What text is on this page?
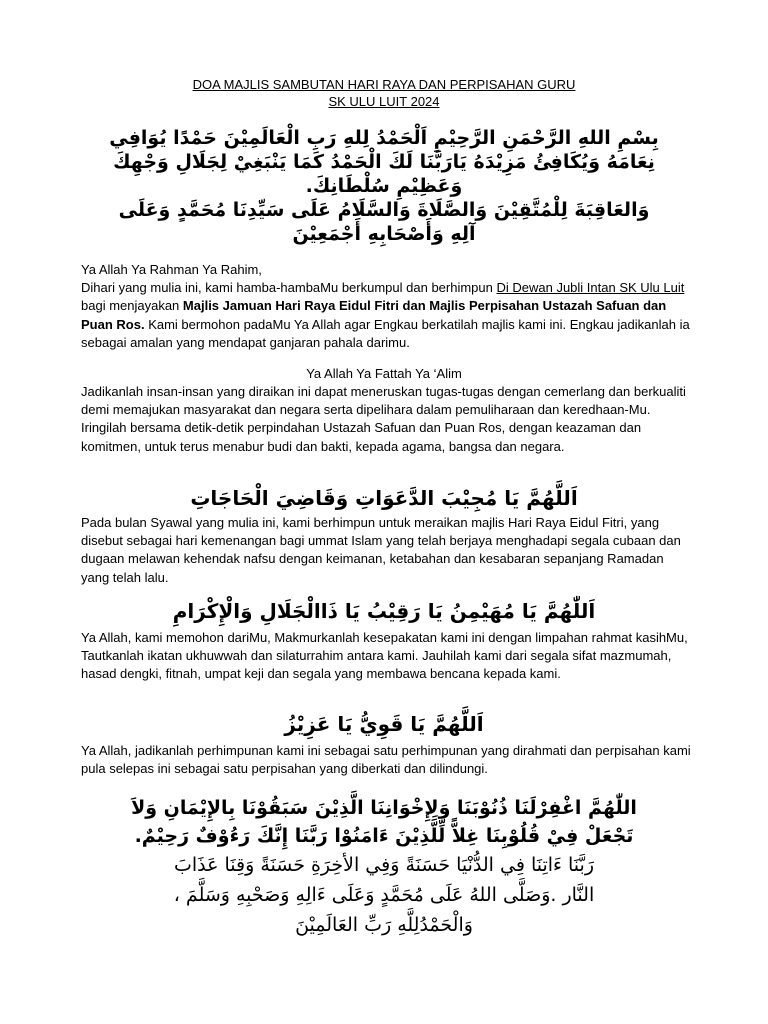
DOA MAJLIS SAMBUTAN HARI RAYA DAN PERPISAHAN GURU
SK ULU LUIT 2024
بِسْمِ اللهِ الرَّحْمَنِ الرَّحِيْمِ اَلْحَمْدُ لِلهِ رَبِ الْعَالَمِيْنَ حَمْدًا يُوَافِي
نِعَامَهُ وَيُكَافِئُ مَزِيْدَهُ يَارَبَّنَا لَكَ الْحَمْدُ كَمَا يَنْبَغِيْ لِجَلَالِ وَجْهِكَ
وَعَظِيْمِ سُلْطَانِكَ.
وَالعَاقِبَةَ لِلْمُتَّقِيْنَ وَالصَّلَاةَ وَالسَّلَامُ عَلَى سَيِّدِنَا مُحَمَّدٍ وَعَلَى
آلِهِ وَأَصْحَابِهِ أَجْمَعِيْنَ
Ya Allah Ya Rahman Ya Rahim,
Dihari yang mulia ini, kami hamba-hambaMu berkumpul dan berhimpun Di Dewan Jubli Intan SK Ulu Luit bagi menjayakan Majlis Jamuan Hari Raya Eidul Fitri dan Majlis Perpisahan Ustazah Safuan dan Puan Ros. Kami bermohon padaMu Ya Allah agar Engkau berkatilah majlis kami ini. Engkau jadikanlah ia sebagai amalan yang mendapat ganjaran pahala darimu.
Ya Allah Ya Fattah Ya ‘Alim
Jadikanlah insan-insan yang diraikan ini dapat meneruskan tugas-tugas dengan cemerlang dan berkualiti demi memajukan masyarakat dan negara serta dipelihara dalam pemuliharaan dan keredhaan-Mu. Iringilah bersama detik-detik perpindahan Ustazah Safuan dan Puan Ros, dengan keazaman dan komitmen, untuk terus menabur budi dan bakti, kepada agama, bangsa dan negara.
اَللَّهُمَّ يَا مُجِيْبَ الدَّعَوَاتِ وَقَاضِيَ الْحَاجَاتِ
Pada bulan Syawal yang mulia ini, kami berhimpun untuk meraikan majlis Hari Raya Eidul Fitri, yang disebut sebagai hari kemenangan bagi ummat Islam yang telah berjaya menghadapi segala cubaan dan dugaan melawan kehendak nafsu dengan keimanan, ketabahan dan kesabaran sepanjang Ramadan yang telah lalu.
اَللّٰهُمَّ يَا مُهَيْمِنُ يَا رَقِيْبُ يَا ذَاالْجَلَالِ وَالْإِكْرَامِ
Ya Allah, kami memohon dariMu, Makmurkanlah kesepakatan kami ini dengan limpahan rahmat kasihMu, Tautkanlah ikatan ukhuwwah dan silaturrahim antara kami. Jauhilah kami dari segala sifat mazmumah, hasad dengki, fitnah, umpat keji dan segala yang membawa bencana kepada kami.
اَللَّهُمَّ يَا قَوِيُّ يَا عَزِيْزُ
Ya Allah, jadikanlah perhimpunan kami ini sebagai satu perhimpunan yang dirahmati dan perpisahan kami pula selepas ini sebagai satu perpisahan yang diberkati dan dilindungi.
اللّٰهُمَّ اغْفِرْلَنَا ذُنُوْبَنَا وَلِإِخْوَانِنَا الَّذِيْنَ سَبَقُوْنَا بِالإِيْمَانِ وَلاَ
تَجْعَلْ فِيْ قُلُوْبِنَا غِلاًّ لِّلَّذِيْنَ ءَامَنُوْا رَبَّنَا إِنَّكَ رَءُوْفٌ رَحِيْمٌ.
رَبَّنَا ءَاتِنَا فِي الدُّنْيَا حَسَنَةً وَفِي الأخِرَةِ حَسَنَةً وَقِنَا عَذَابَ
النَّار .وَصَلَّى اللهُ عَلَى مُحَمَّدٍ وَعَلَى ءَالِهِ وَصَحْبِهِ وَسَلَّمَ ،
وَالْحَمْدُلِلَّهِ رَبِّ العَالَمِيْنَ
